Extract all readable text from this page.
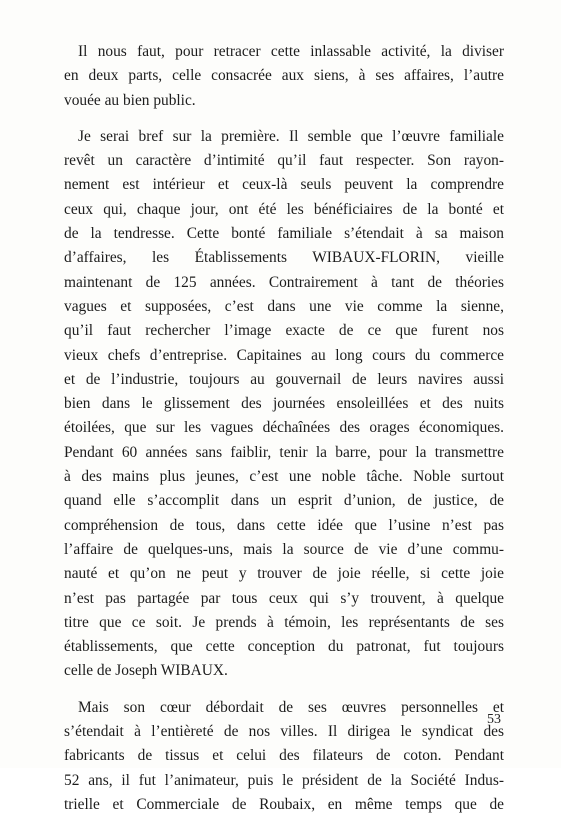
Il nous faut, pour retracer cette inlassable activité, la diviser
en deux parts, celle consacrée aux siens, à ses affaires, l’autre
vouée au bien public.

Je serai bref sur la première. Il semble que l’œuvre familiale
revêt un caractère d’intimité qu’il faut respecter. Son rayon-
nement est intérieur et ceux-là seuls peuvent la comprendre
ceux qui, chaque jour, ont été les bénéficiaires de la bonté et
de la tendresse. Cette bonté familiale s’étendait à sa maison
d’affaires, les Établissements WIBAUX-FLORIN, vieille
maintenant de 125 années. Contrairement à tant de théories
vagues et supposées, c’est dans une vie comme la sienne,
qu’il faut rechercher l’image exacte de ce que furent nos
vieux chefs d’entreprise. Capitaines au long cours du commerce
et de l’industrie, toujours au gouvernail de leurs navires aussi
bien dans le glissement des journées ensoleillées et des nuits
étoilées, que sur les vagues déchaînées des orages économiques.
Pendant 60 années sans faiblir, tenir la barre, pour la transmettre
à des mains plus jeunes, c’est une noble tâche. Noble surtout
quand elle s’accomplit dans un esprit d’union, de justice, de
compréhension de tous, dans cette idée que l’usine n’est pas
l’affaire de quelques-uns, mais la source de vie d’une commu-
nauté et qu’on ne peut y trouver de joie réelle, si cette joie
n’est pas partagée par tous ceux qui s’y trouvent, à quelque
titre que ce soit. Je prends à témoin, les représentants de ses
établissements, que cette conception du patronat, fut toujours
celle de Joseph WIBAUX.

Mais son cœur débordait de ses œuvres personnelles et
s’étendait à l’entièreté de nos villes. Il dirigea le syndicat des
fabricants de tissus et celui des filateurs de coton. Pendant
52 ans, il fut l’animateur, puis le président de la Société Indus-
trielle et Commerciale de Roubaix, en même temps que de

53
